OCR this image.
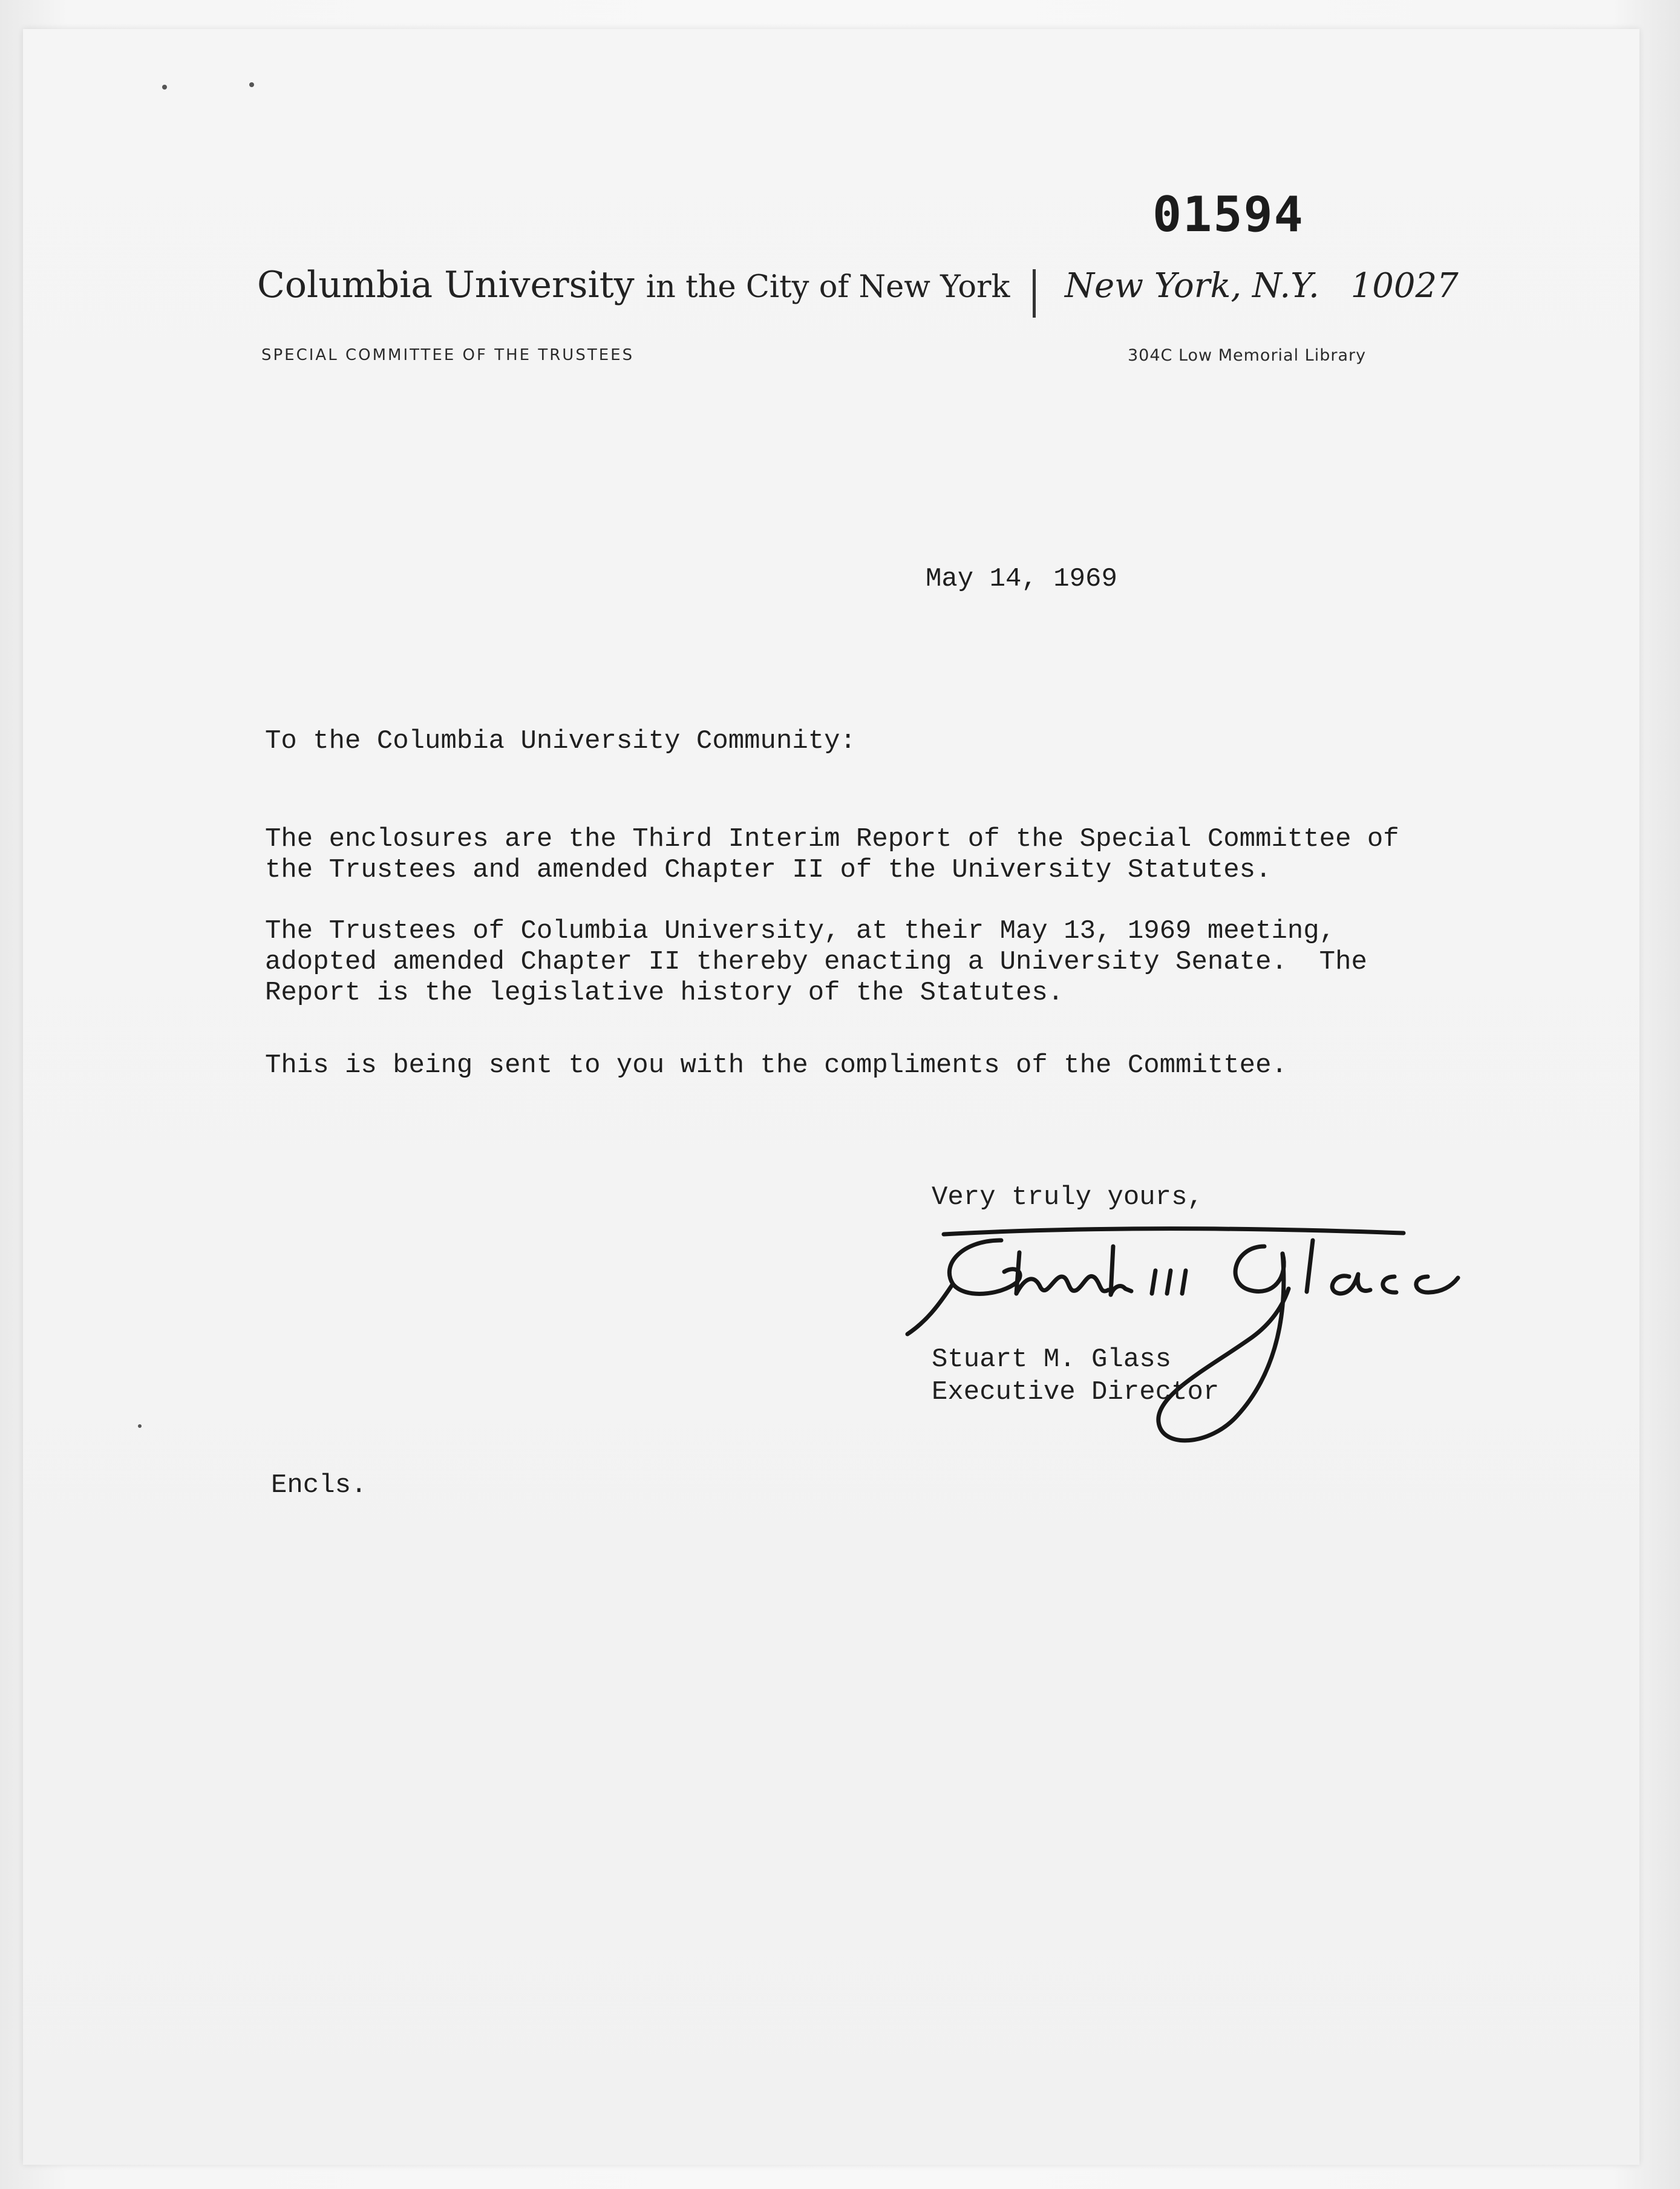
01594
Columbia University in the City of New York New York, N.Y. 10027
SPECIAL COMMITTEE OF THE TRUSTEES	304C Low Memorial Library
May 14, 1969
To the Columbia University Community:
The enclosures are the Third Interim Report of the Special Committee of
the Trustees and amended Chapter II of the University Statutes.
The Trustees of Columbia University, at their May 13, 1969 meeting,
adopted amended Chapter II thereby enacting a University Senate.  The
Report is the legislative history of the Statutes.
This is being sent to you with the compliments of the Committee.
Very truly yours,
Stuart M. Glass
Executive Director
Encls.
